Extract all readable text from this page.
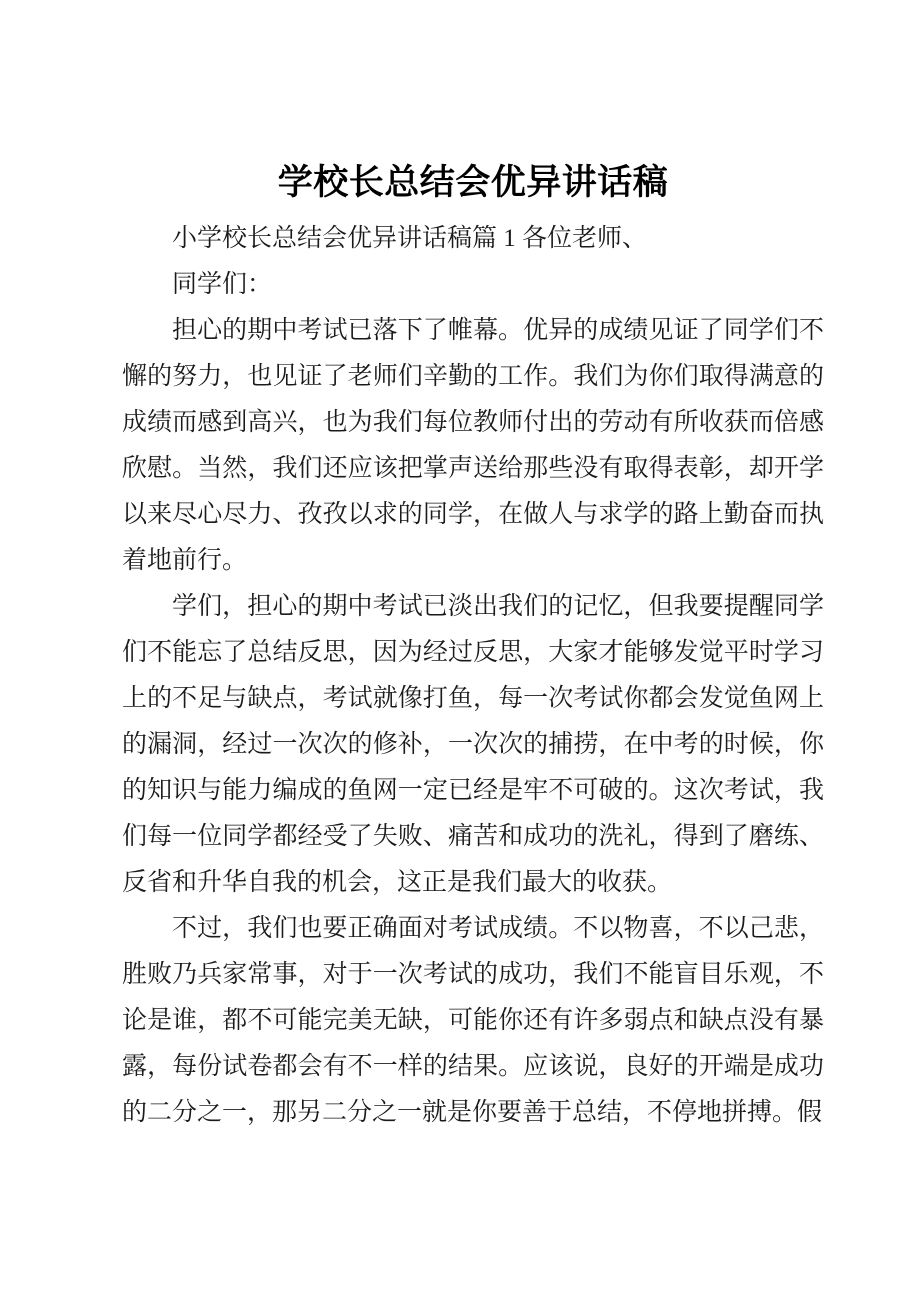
学校长总结会优异讲话稿

小学校长总结会优异讲话稿篇 1 各位老师、

同学们：

担心的期中考试已落下了帷幕。优异的成绩见证了同学们不懈的努力，也见证了老师们辛勤的工作。我们为你们取得满意的成绩而感到高兴，也为我们每位教师付出的劳动有所收获而倍感欣慰。当然，我们还应该把掌声送给那些没有取得表彰，却开学以来尽心尽力、孜孜以求的同学，在做人与求学的路上勤奋而执着地前行。

学们，担心的期中考试已淡出我们的记忆，但我要提醒同学们不能忘了总结反思，因为经过反思，大家才能够发觉平时学习上的不足与缺点，考试就像打鱼，每一次考试你都会发觉鱼网上的漏洞，经过一次次的修补，一次次的捕捞，在中考的时候，你的知识与能力编成的鱼网一定已经是牢不可破的。这次考试，我们每一位同学都经受了失败、痛苦和成功的洗礼，得到了磨练、反省和升华自我的机会，这正是我们最大的收获。

不过，我们也要正确面对考试成绩。不以物喜，不以己悲，胜败乃兵家常事，对于一次考试的成功，我们不能盲目乐观，不论是谁，都不可能完美无缺，可能你还有许多弱点和缺点没有暴露，每份试卷都会有不一样的结果。应该说，良好的开端是成功的二分之一，那另二分之一就是你要善于总结，不停地拼搏。假
